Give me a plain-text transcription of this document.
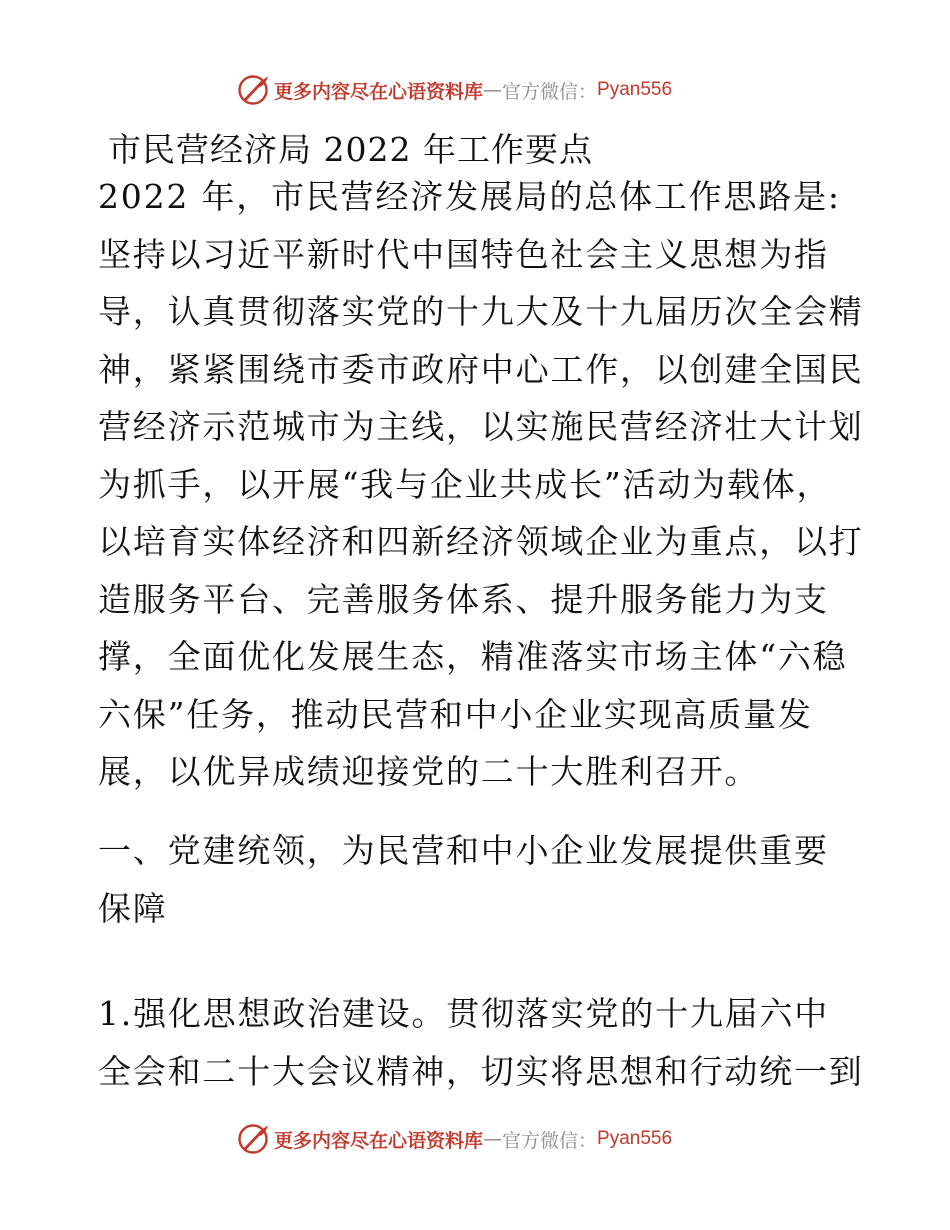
更多内容尽在心语资料库 — 官方微信： Pyan556
市民营经济局 2022 年工作要点

2022 年，市民营经济发展局的总体工作思路是:
坚持以习近平新时代中国特色社会主义思想为指
导，认真贯彻落实党的十九大及十九届历次全会精
神，紧紧围绕市委市政府中心工作，以创建全国民
营经济示范城市为主线，以实施民营经济壮大计划
为抓手，以开展“我与企业共成长”活动为载体，
以培育实体经济和四新经济领域企业为重点，以打
造服务平台、完善服务体系、提升服务能力为支
撑，全面优化发展生态，精准落实市场主体“六稳
六保”任务，推动民营和中小企业实现高质量发
展，以优异成绩迎接党的二十大胜利召开。

一、党建统领，为民营和中小企业发展提供重要
保障

1.强化思想政治建设。贯彻落实党的十九届六中
全会和二十大会议精神，切实将思想和行动统一到

更多内容尽在心语资料库 — 官方微信： Pyan556
